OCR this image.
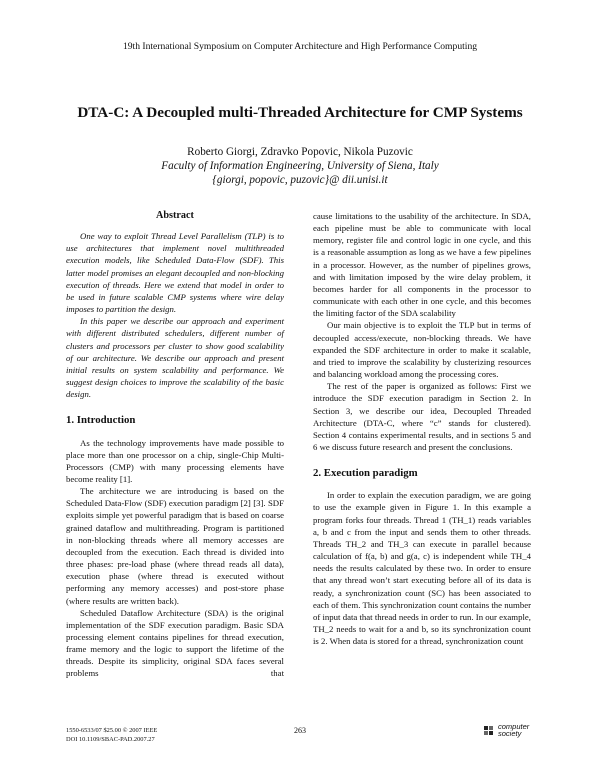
19th International Symposium on Computer Architecture and High Performance Computing
DTA-C: A Decoupled multi-Threaded Architecture for CMP Systems
Roberto Giorgi, Zdravko Popovic, Nikola Puzovic
Faculty of Information Engineering, University of Siena, Italy
{giorgi, popovic, puzovic}@ dii.unisi.it
Abstract

One way to exploit Thread Level Parallelism (TLP) is to use architectures that implement novel multithreaded execution models, like Scheduled Data-Flow (SDF). This latter model promises an elegant decoupled and non-blocking execution of threads. Here we extend that model in order to be used in future scalable CMP systems where wire delay imposes to partition the design.

In this paper we describe our approach and experiment with different distributed schedulers, different number of clusters and processors per cluster to show good scalability of our architecture. We describe our approach and present initial results on system scalability and performance. We suggest design choices to improve the scalability of the basic design.

1. Introduction

As the technology improvements have made possible to place more than one processor on a chip, single-Chip Multi-Processors (CMP) with many processing elements have become reality [1].

The architecture we are introducing is based on the Scheduled Data-Flow (SDF) execution paradigm [2] [3]. SDF exploits simple yet powerful paradigm that is based on coarse grained dataflow and multithreading. Program is partitioned in non-blocking threads where all memory accesses are decoupled from the execution. Each thread is divided into three phases: pre-load phase (where thread reads all data), execution phase (where thread is executed without performing any memory accesses) and post-store phase (where results are written back).

Scheduled Dataflow Architecture (SDA) is the original implementation of the SDF execution paradigm. Basic SDA processing element contains pipelines for thread execution, frame memory and the logic to support the lifetime of the threads. Despite its simplicity, original SDA faces several problems that

cause limitations to the usability of the architecture. In SDA, each pipeline must be able to communicate with local memory, register file and control logic in one cycle, and this is a reasonable assumption as long as we have a few pipelines in a processor. However, as the number of pipelines grows, and with limitation imposed by the wire delay problem, it becomes harder for all components in the processor to communicate with each other in one cycle, and this becomes the limiting factor of the SDA scalability

Our main objective is to exploit the TLP but in terms of decoupled access/execute, non-blocking threads. We have expanded the SDF architecture in order to make it scalable, and tried to improve the scalability by clusterizing resources and balancing workload among the processing cores.

The rest of the paper is organized as follows: First we introduce the SDF execution paradigm in Section 2. In Section 3, we describe our idea, Decoupled Threaded Architecture (DTA-C, where “c” stands for clustered). Section 4 contains experimental results, and in sections 5 and 6 we discuss future research and present the conclusions.

2. Execution paradigm

In order to explain the execution paradigm, we are going to use the example given in Figure 1. In this example a program forks four threads. Thread 1 (TH_1) reads variables a, b and c from the input and sends them to other threads. Threads TH_2 and TH_3 can execute in parallel because calculation of f(a, b) and g(a, c) is independent while TH_4 needs the results calculated by these two. In order to ensure that any thread won’t start executing before all of its data is ready, a synchronization count (SC) has been associated to each of them. This synchronization count contains the number of input data that thread needs in order to run. In our example, TH_2 needs to wait for a and b, so its synchronization count is 2. When data is stored for a thread, synchronization count

1550-6533/07 $25.00 © 2007 IEEE
DOI 10.1109/SBAC-PAD.2007.27
263	computer
society
